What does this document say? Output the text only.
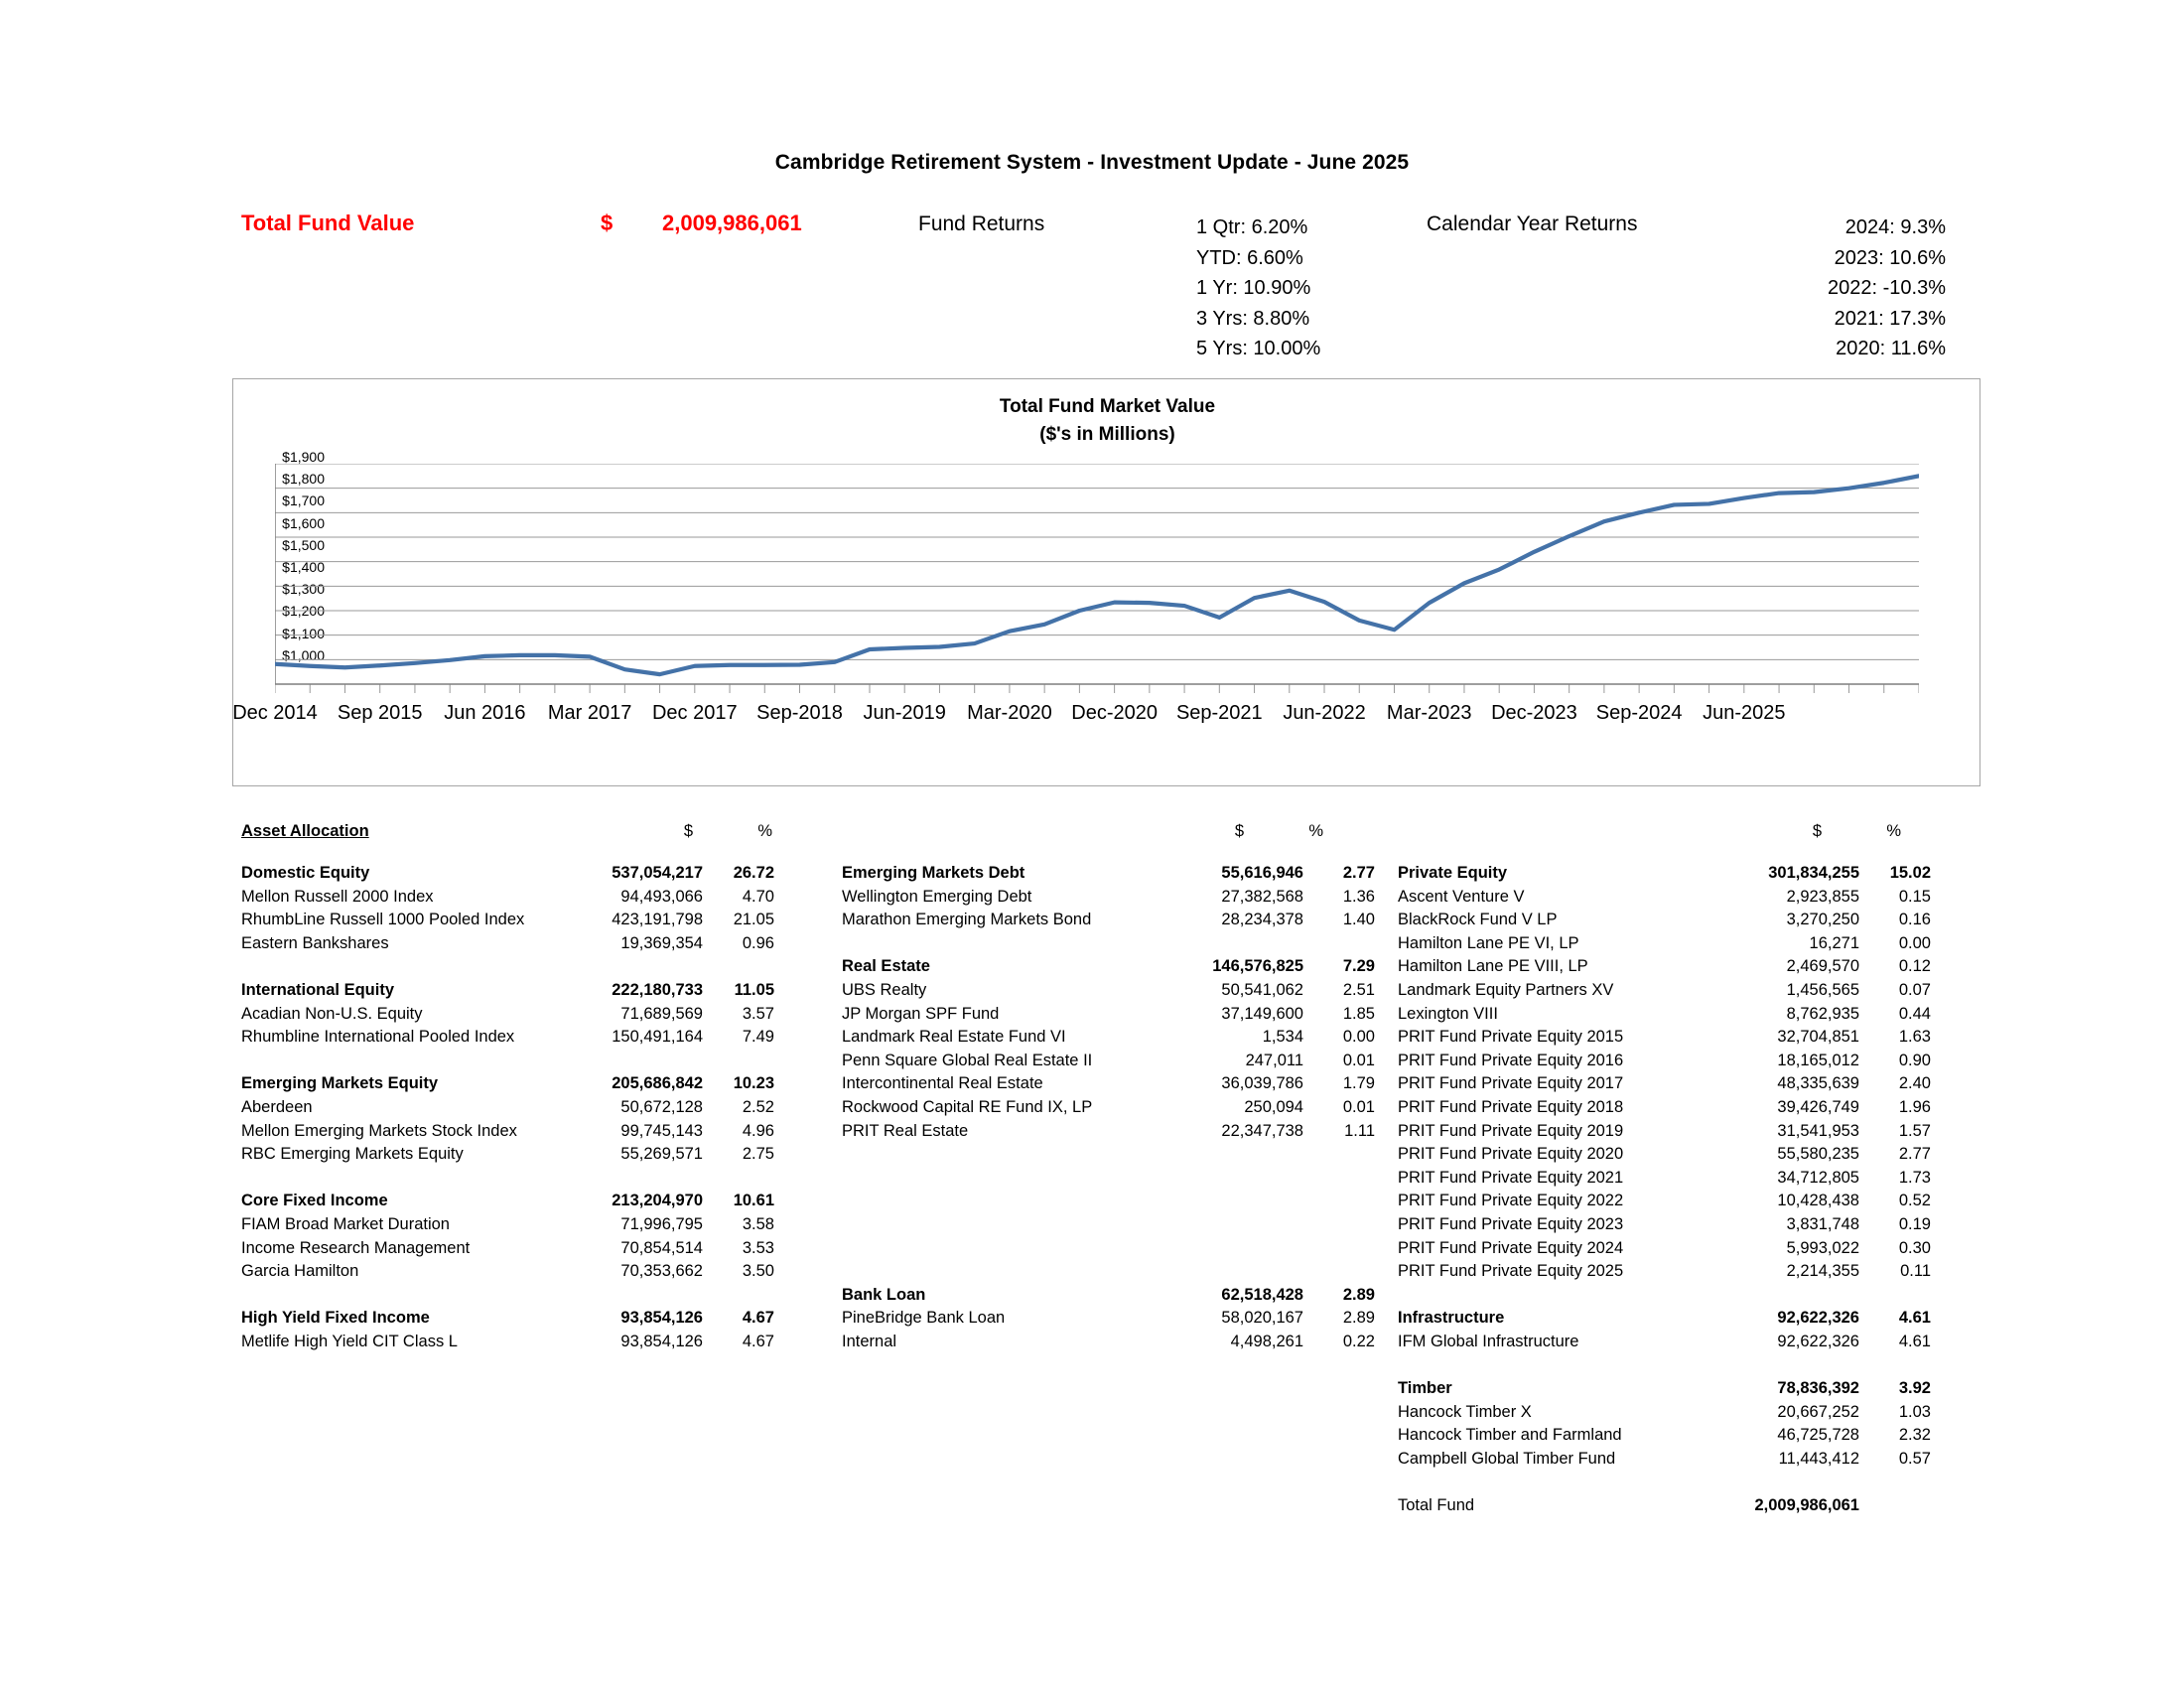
Cambridge Retirement System - Investment Update - June 2025
Total Fund Value	$ 2,009,986,061	Fund Returns	1 Qtr: 6.20%
YTD: 6.60%
1 Yr: 10.90%
3 Yrs: 8.80%
5 Yrs: 10.00%
Calendar Year Returns	2024: 9.3%
2023: 10.6%
2022: -10.3%
2021: 17.3%
2020: 11.6%
Total Fund Market Value
($'s in Millions)
$1,900
$1,800
$1,700
$1,600
$1,500
$1,400
$1,300
$1,200
$1,100
$1,000
Dec 2014 Sep 2015 Jun 2016 Mar 2017 Dec 2017 Sep-2018 Jun-2019 Mar-2020 Dec-2020 Sep-2021 Jun-2022 Mar-2023 Dec-2023 Sep-2024 Jun-2025
Asset Allocation	$	%	$	%	$	%
Domestic Equity	537,054,217	26.72
Mellon Russell 2000 Index	94,493,066	4.70
RhumbLine Russell 1000 Pooled Index	423,191,798	21.05
Eastern Bankshares	19,369,354	0.96

International Equity	222,180,733	11.05
Acadian Non-U.S. Equity	71,689,569	3.57
Rhumbline International Pooled Index	150,491,164	7.49

Emerging Markets Equity	205,686,842	10.23
Aberdeen	50,672,128	2.52
Mellon Emerging Markets Stock Index	99,745,143	4.96
RBC Emerging Markets Equity	55,269,571	2.75

Core Fixed Income	213,204,970	10.61
FIAM Broad Market Duration	71,996,795	3.58
Income Research Management	70,854,514	3.53
Garcia Hamilton	70,353,662	3.50

High Yield Fixed Income	93,854,126	4.67
Metlife High Yield CIT Class L	93,854,126	4.67
Emerging Markets Debt	55,616,946	2.77
Wellington Emerging Debt	27,382,568	1.36
Marathon Emerging Markets Bond	28,234,378	1.40

Real Estate	146,576,825	7.29
UBS Realty	50,541,062	2.51
JP Morgan SPF Fund	37,149,600	1.85
Landmark Real Estate Fund VI	1,534	0.00
Penn Square Global Real Estate II	247,011	0.01
Intercontinental Real Estate	36,039,786	1.79
Rockwood Capital RE Fund IX, LP	250,094	0.01
PRIT Real Estate	22,347,738	1.11

Bank Loan	62,518,428	2.89
PineBridge Bank Loan	58,020,167	2.89
Internal	4,498,261	0.22
Private Equity	301,834,255	15.02
Ascent Venture V	2,923,855	0.15
BlackRock Fund V LP	3,270,250	0.16
Hamilton Lane PE VI, LP	16,271	0.00
Hamilton Lane PE VIII, LP	2,469,570	0.12
Landmark Equity Partners XV	1,456,565	0.07
Lexington VIII	8,762,935	0.44
PRIT Fund Private Equity 2015	32,704,851	1.63
PRIT Fund Private Equity 2016	18,165,012	0.90
PRIT Fund Private Equity 2017	48,335,639	2.40
PRIT Fund Private Equity 2018	39,426,749	1.96
PRIT Fund Private Equity 2019	31,541,953	1.57
PRIT Fund Private Equity 2020	55,580,235	2.77
PRIT Fund Private Equity 2021	34,712,805	1.73
PRIT Fund Private Equity 2022	10,428,438	0.52
PRIT Fund Private Equity 2023	3,831,748	0.19
PRIT Fund Private Equity 2024	5,993,022	0.30
PRIT Fund Private Equity 2025	2,214,355	0.11

Infrastructure	92,622,326	4.61
IFM Global Infrastructure	92,622,326	4.61

Timber	78,836,392	3.92
Hancock Timber X	20,667,252	1.03
Hancock Timber and Farmland	46,725,728	2.32
Campbell Global Timber Fund	11,443,412	0.57

Total Fund	2,009,986,061	
